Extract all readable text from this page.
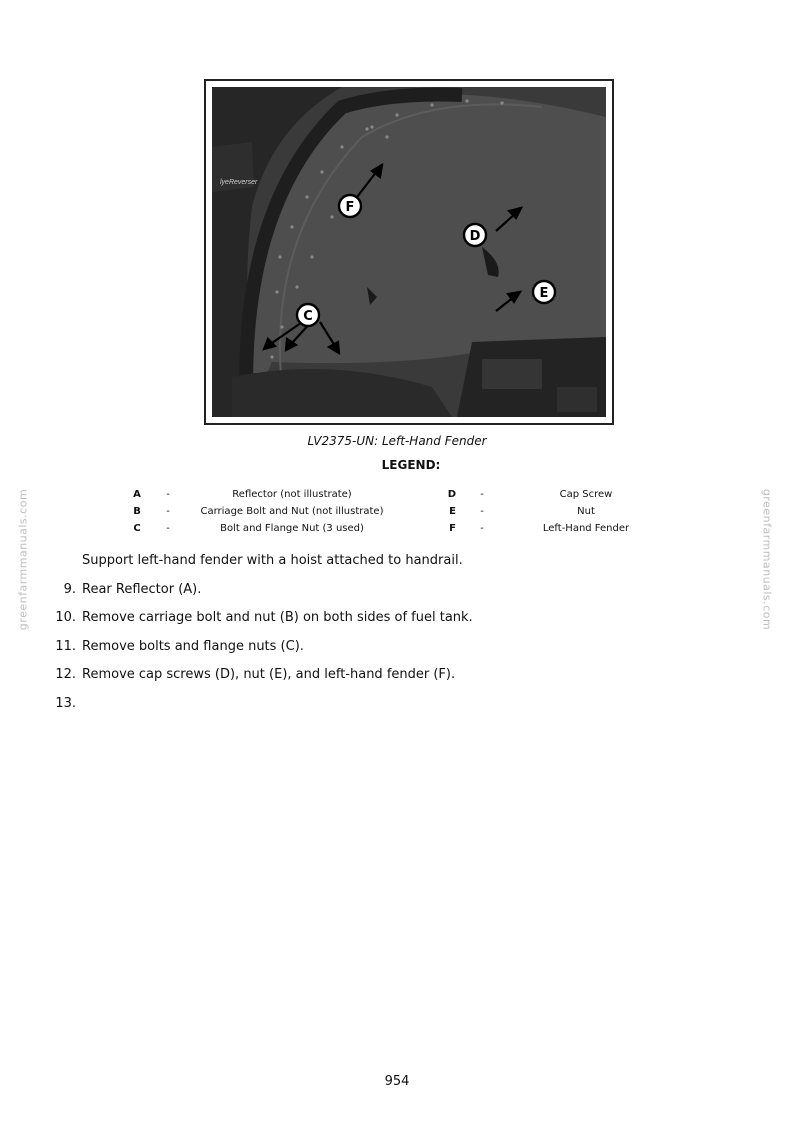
lyeReverser
F
D
E
C
LV2375-UN: Left-Hand Fender
LEGEND:
A	-	Reflector (not illustrate)	D	-	Cap Screw
B	-	Carriage Bolt and Nut (not illustrate)	E	-	Nut
C	-	Bolt and Flange Nut (3 used)	F	-	Left-Hand Fender
Support left-hand fender with a hoist attached to handrail.
9. Rear Reflector (A).
10. Remove carriage bolt and nut (B) on both sides of fuel tank.
11. Remove bolts and flange nuts (C).
12. Remove cap screws (D), nut (E), and left-hand fender (F).
13.
greenfarmmanuals.com	greenfarmmanuals.com
954
